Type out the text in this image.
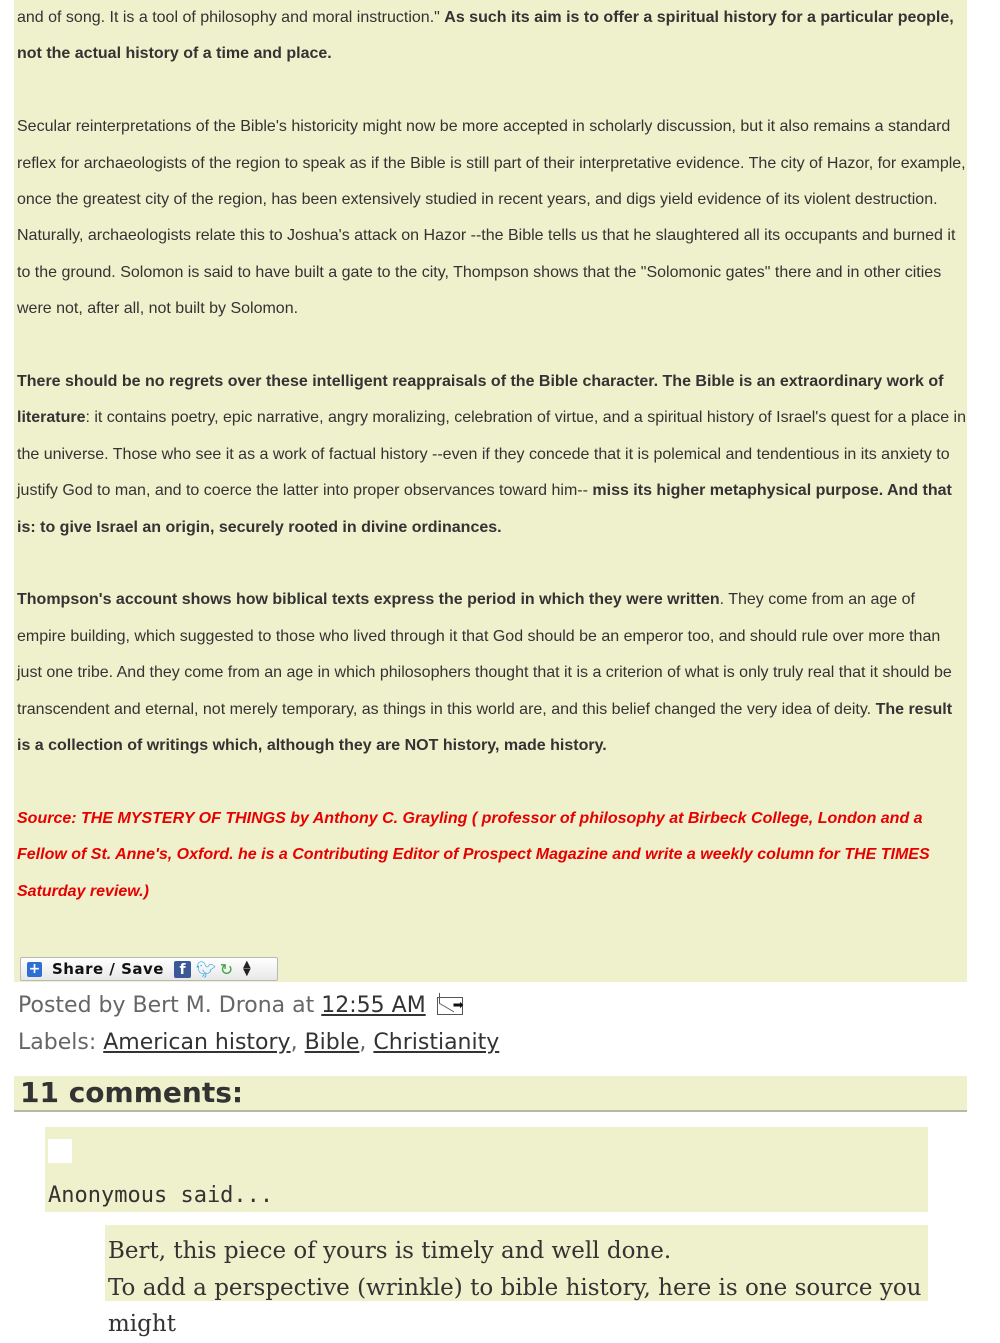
and of song. It is a tool of philosophy and moral instruction." As such its aim is to offer a spiritual history for a particular people, not the actual history of a time and place.

Secular reinterpretations of the Bible's historicity might now be more accepted in scholarly discussion, but it also remains a standard reflex for archaeologists of the region to speak as if the Bible is still part of their interpretative evidence. The city of Hazor, for example, once the greatest city of the region, has been extensively studied in recent years, and digs yield evidence of its violent destruction. Naturally, archaeologists relate this to Joshua's attack on Hazor --the Bible tells us that he slaughtered all its occupants and burned it to the ground. Solomon is said to have built a gate to the city, Thompson shows that the "Solomonic gates" there and in other cities were not, after all, not built by Solomon.

There should be no regrets over these intelligent reappraisals of the Bible character. The Bible is an extraordinary work of literature: it contains poetry, epic narrative, angry moralizing, celebration of virtue, and a spiritual history of Israel's quest for a place in the universe. Those who see it as a work of factual history --even if they concede that it is polemical and tendentious in its anxiety to justify God to man, and to coerce the latter into proper observances toward him-- miss its higher metaphysical purpose. And that is: to give Israel an origin, securely rooted in divine ordinances.

Thompson's account shows how biblical texts express the period in which they were written. They come from an age of empire building, which suggested to those who lived through it that God should be an emperor too, and should rule over more than just one tribe. And they come from an age in which philosophers thought that it is a criterion of what is only truly real that it should be transcendent and eternal, not merely temporary, as things in this world are, and this belief changed the very idea of deity. The result is a collection of writings which, although they are NOT history, made history.

Source: THE MYSTERY OF THINGS by Anthony C. Grayling ( professor of philosophy at Birbeck College, London and a Fellow of St. Anne's, Oxford. he is a Contributing Editor of Prospect Magazine and write a weekly column for THE TIMES Saturday review.)

+ Share / Save	f 🐦︎ ↻ ▲
▼
Posted by Bert M. Drona at 12:55 AM ➡
Labels: American history, Bible, Christianity
11 comments:
Anonymous said...

Bert, this piece of yours is timely and well done.
To add a perspective (wrinkle) to bible history, here is one source you might
